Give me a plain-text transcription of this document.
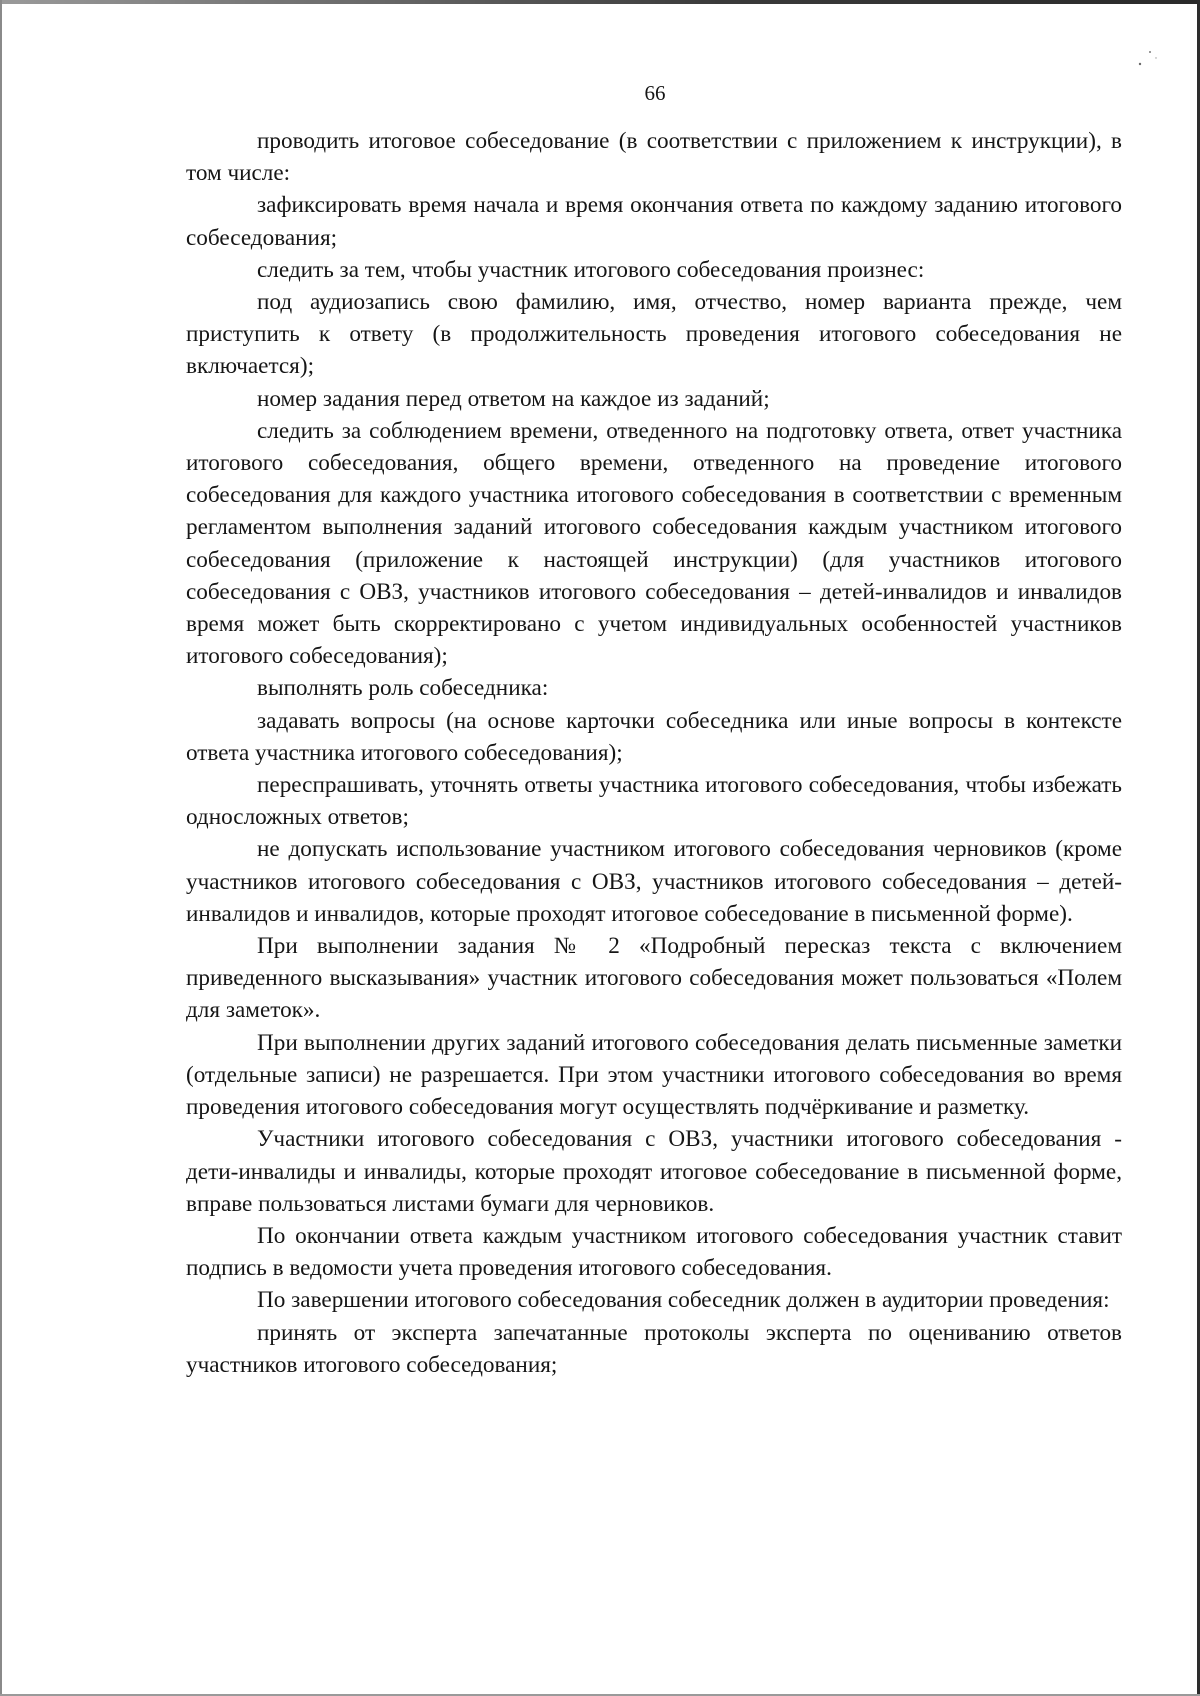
66

проводить итоговое собеседование (в соответствии с приложением к инструкции), в том числе:

зафиксировать время начала и время окончания ответа по каждому заданию итогового собеседования;

следить за тем, чтобы участник итогового собеседования произнес:

под аудиозапись свою фамилию, имя, отчество, номер варианта прежде, чем приступить к ответу (в продолжительность проведения итогового собеседования не включается);

номер задания перед ответом на каждое из заданий;

следить за соблюдением времени, отведенного на подготовку ответа, ответ участника итогового собеседования, общего времени, отведенного на проведение итогового собеседования для каждого участника итогового собеседования в соответствии с временным регламентом выполнения заданий итогового собеседования каждым участником итогового собеседования (приложение к настоящей инструкции) (для участников итогового собеседования с ОВЗ, участников итогового собеседования – детей-инвалидов и инвалидов время может быть скорректировано с учетом индивидуальных особенностей участников итогового собеседования);

выполнять роль собеседника:

задавать вопросы (на основе карточки собеседника или иные вопросы в контексте ответа участника итогового собеседования);

переспрашивать, уточнять ответы участника итогового собеседования, чтобы избежать односложных ответов;

не допускать использование участником итогового собеседования черновиков (кроме участников итогового собеседования с ОВЗ, участников итогового собеседования – детей-инвалидов и инвалидов, которые проходят итоговое собеседование в письменной форме).

При выполнении задания № 2 «Подробный пересказ текста с включением приведенного высказывания» участник итогового собеседования может пользоваться «Полем для заметок».

При выполнении других заданий итогового собеседования делать письменные заметки (отдельные записи) не разрешается. При этом участники итогового собеседования во время проведения итогового собеседования могут осуществлять подчёркивание и разметку.

Участники итогового собеседования с ОВЗ, участники итогового собеседования - дети-инвалиды и инвалиды, которые проходят итоговое собеседование в письменной форме, вправе пользоваться листами бумаги для черновиков.

По окончании ответа каждым участником итогового собеседования участник ставит подпись в ведомости учета проведения итогового собеседования.

По завершении итогового собеседования собеседник должен в аудитории проведения:

принять от эксперта запечатанные протоколы эксперта по оцениванию ответов участников итогового собеседования;
